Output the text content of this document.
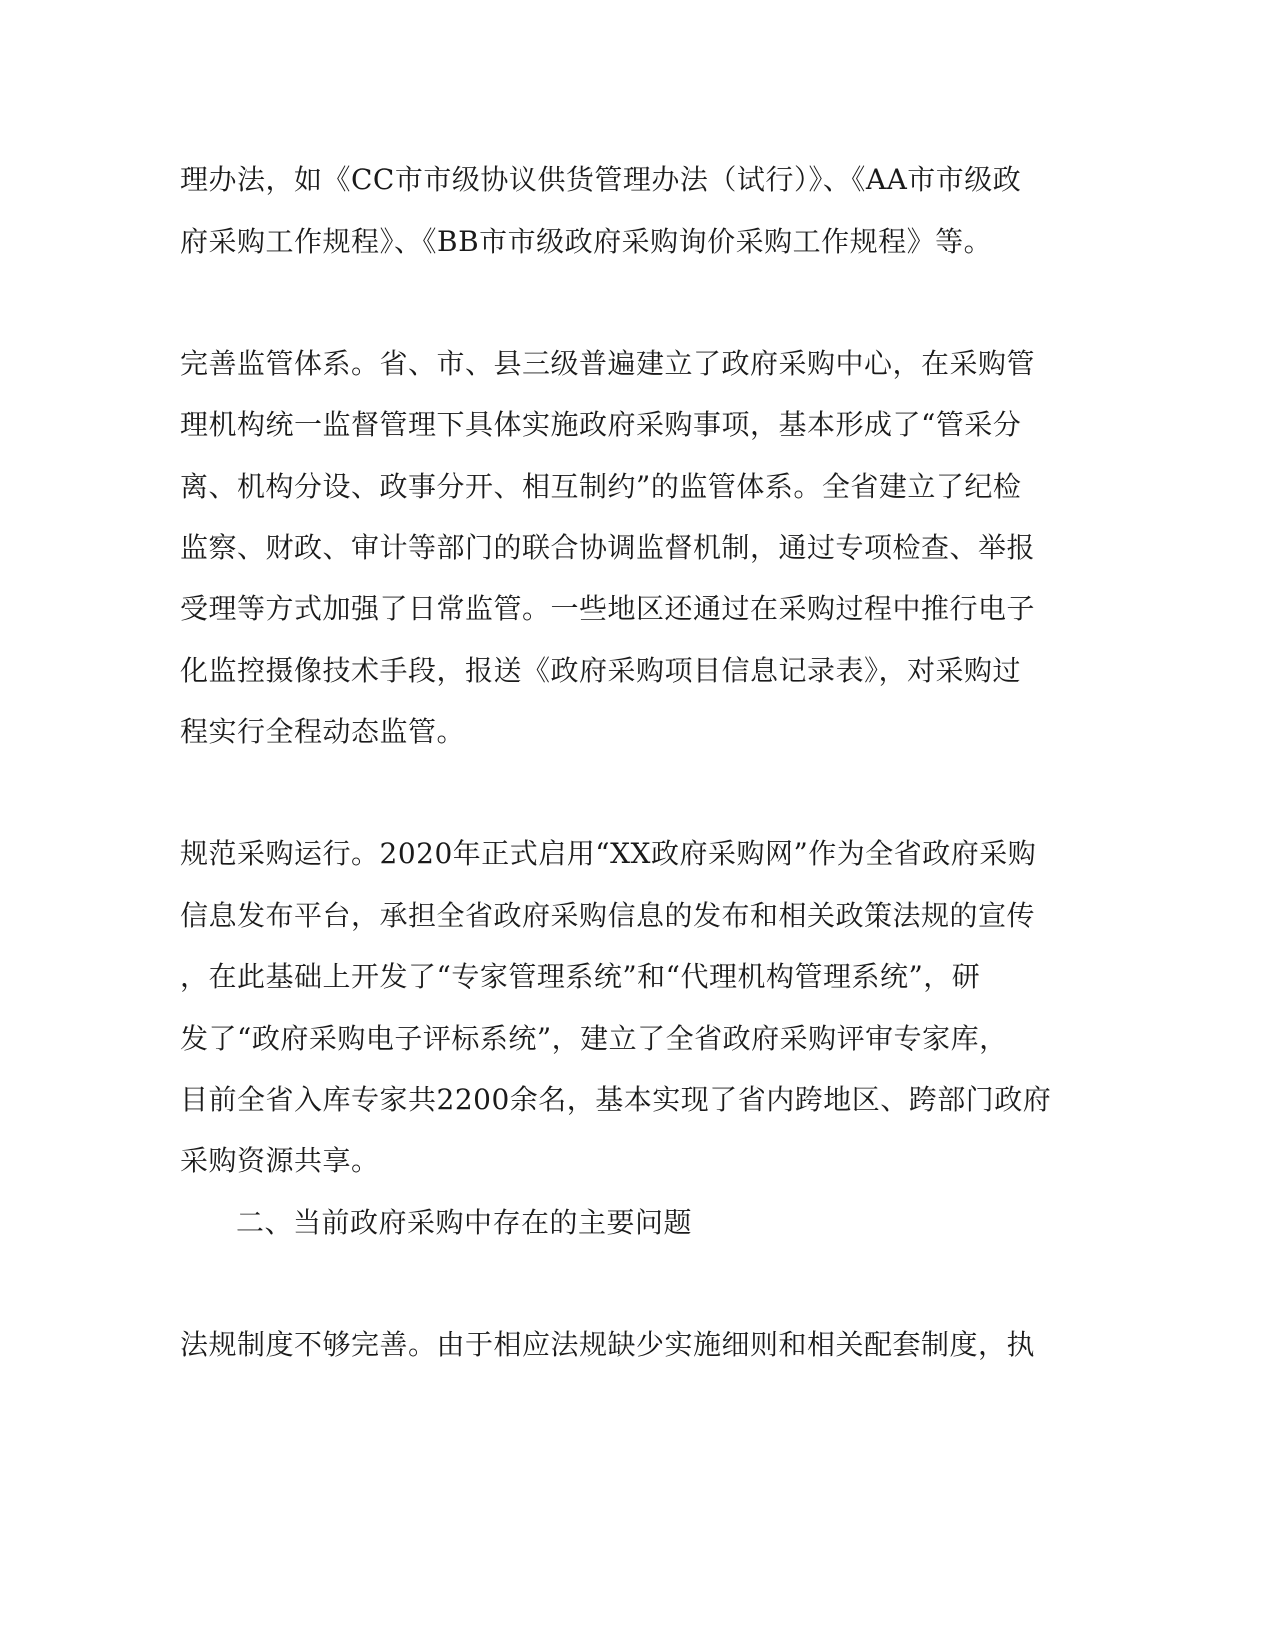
理办法，如《CC市市级协议供货管理办法（试行）》、《AA市市级政
府采购工作规程》、《BB市市级政府采购询价采购工作规程》等。
完善监管体系。省、市、县三级普遍建立了政府采购中心，在采购管
理机构统一监督管理下具体实施政府采购事项，基本形成了“管采分
离、机构分设、政事分开、相互制约”的监管体系。全省建立了纪检
监察、财政、审计等部门的联合协调监督机制，通过专项检查、举报
受理等方式加强了日常监管。一些地区还通过在采购过程中推行电子
化监控摄像技术手段，报送《政府采购项目信息记录表》，对采购过
程实行全程动态监管。
规范采购运行。2020年正式启用“XX政府采购网”作为全省政府采购
信息发布平台，承担全省政府采购信息的发布和相关政策法规的宣传
，在此基础上开发了“专家管理系统”和“代理机构管理系统”，研
发了“政府采购电子评标系统”，建立了全省政府采购评审专家库，
目前全省入库专家共2200余名，基本实现了省内跨地区、跨部门政府
采购资源共享。
二、当前政府采购中存在的主要问题
法规制度不够完善。由于相应法规缺少实施细则和相关配套制度，执
